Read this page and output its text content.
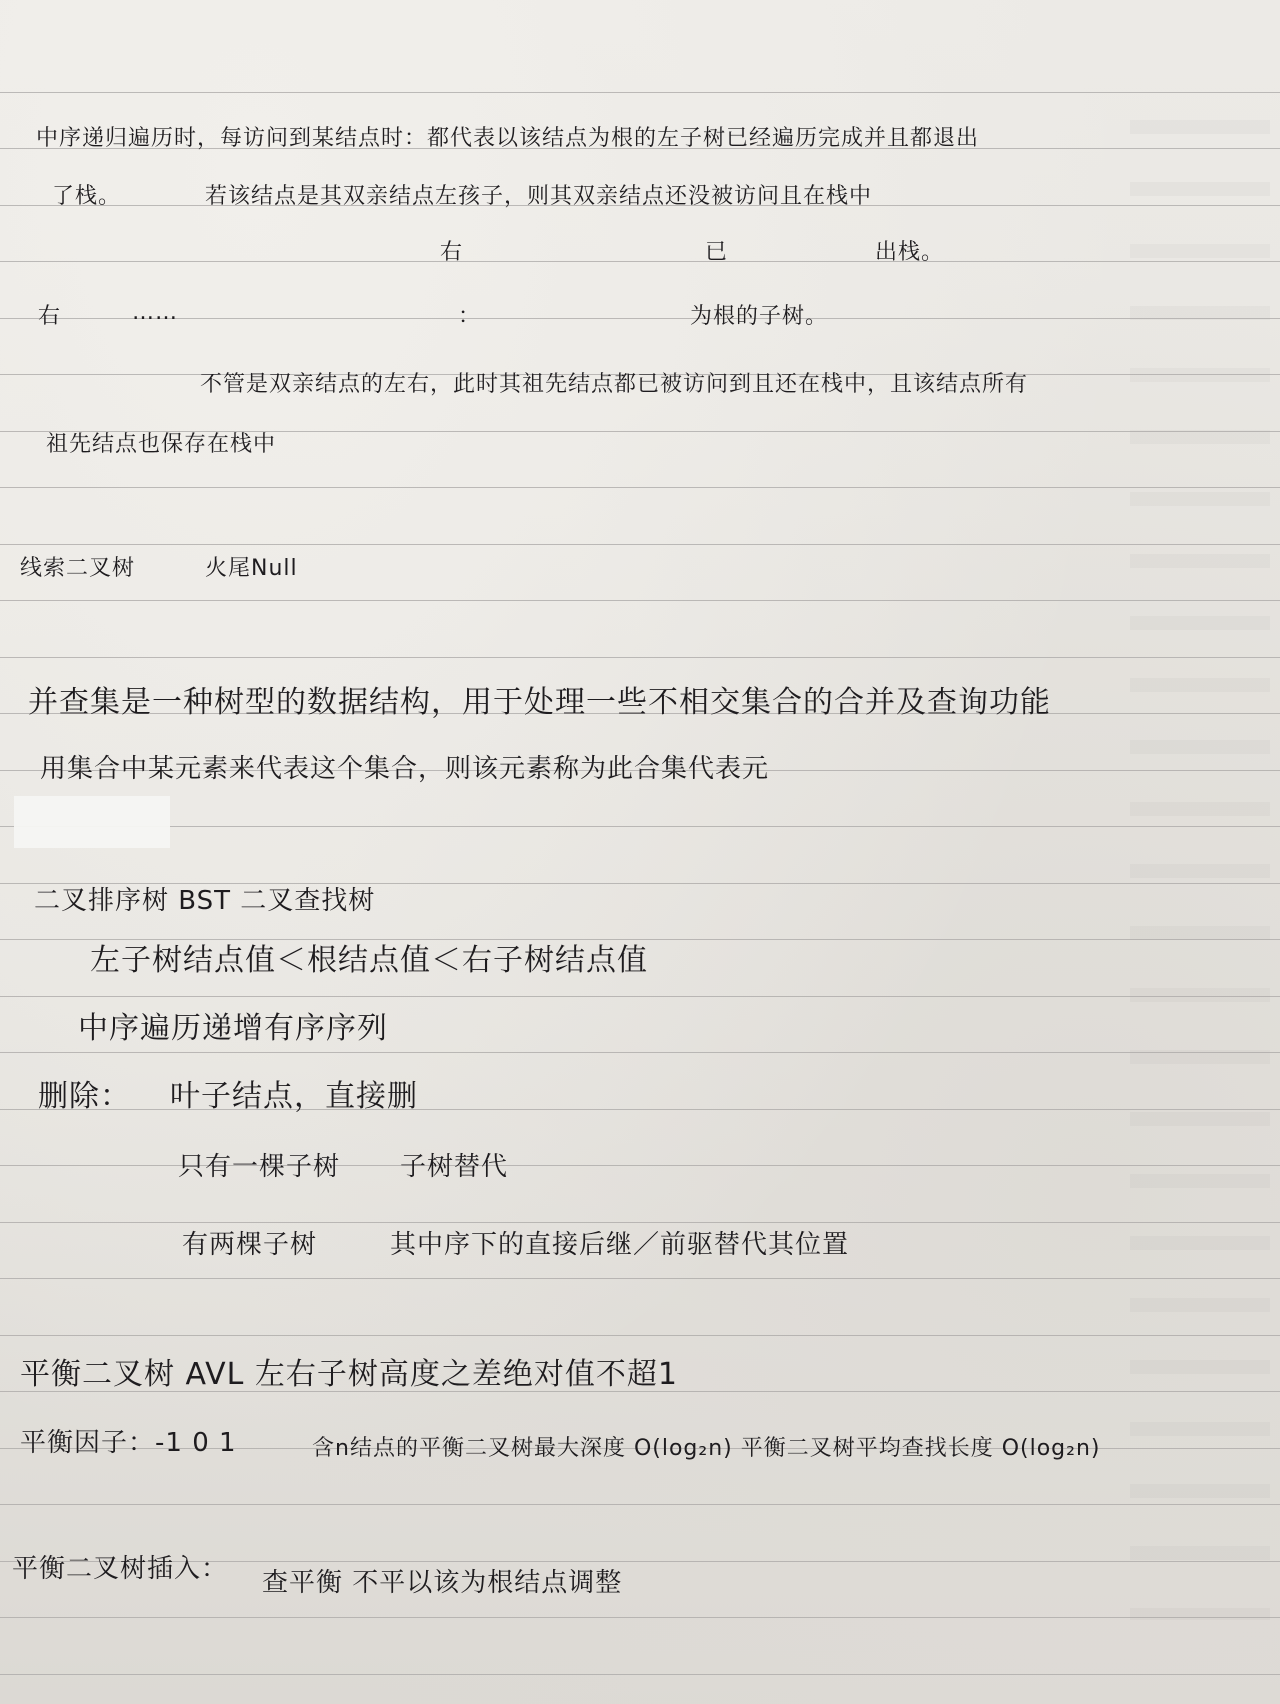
中序递归遍历时，每访问到某结点时：都代表以该结点为根的左子树已经遍历完成并且都退出
了栈。	若该结点是其双亲结点左孩子，则其双亲结点还没被访问且在栈中
右	已	出栈。
右	……	：	为根的子树。
不管是双亲结点的左右，此时其祖先结点都已被访问到且还在栈中，且该结点所有
祖先结点也保存在栈中
线索二叉树	火尾Null
并查集是一种树型的数据结构，用于处理一些不相交集合的合并及查询功能
用集合中某元素来代表这个集合，则该元素称为此合集代表元
二叉排序树 BST 二叉查找树
左子树结点值＜根结点值＜右子树结点值
中序遍历递增有序序列
删除： 叶子结点，直接删
只有一棵子树 子树替代
有两棵子树	其中序下的直接后继／前驱替代其位置
平衡二叉树 AVL 左右子树高度之差绝对值不超1
平衡因子：-1 0 1	含n结点的平衡二叉树最大深度 O(log₂n) 平衡二叉树平均查找长度 O(log₂n)
平衡二叉树插入： 查平衡 不平以该为根结点调整
